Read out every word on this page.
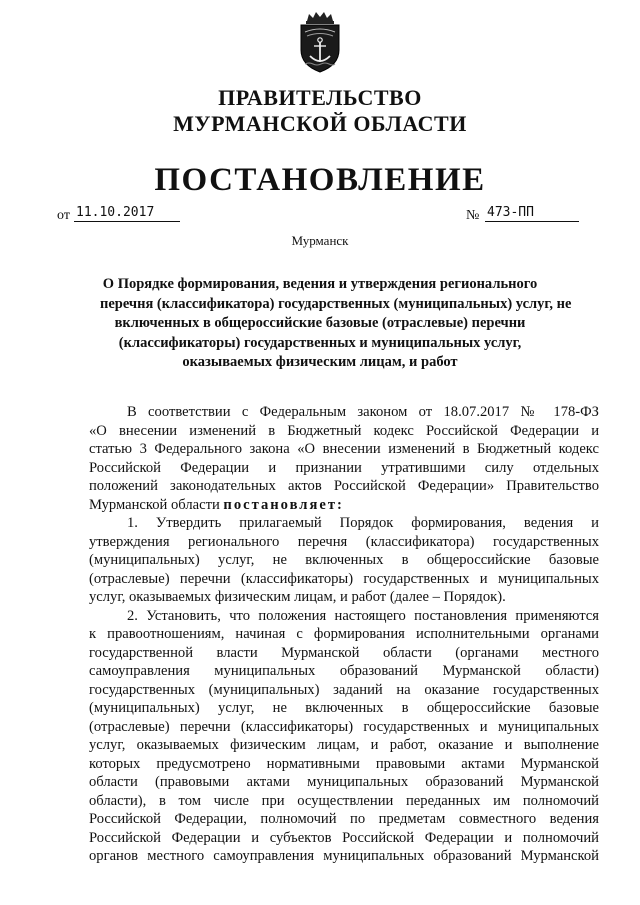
ПРАВИТЕЛЬСТВО
МУРМАНСКОЙ ОБЛАСТИ
ПОСТАНОВЛЕНИЕ
от 11.10.2017	№ 473-ПП
Мурманск
О Порядке формирования, ведения и утверждения регионального
перечня (классификатора) государственных (муниципальных) услуг, не
включенных в общероссийские базовые (отраслевые) перечни
(классификаторы) государственных и муниципальных услуг,
оказываемых физическим лицам, и работ
В соответствии с Федеральным законом от 18.07.2017 № 178-ФЗ
«О внесении изменений в Бюджетный кодекс Российской Федерации и
статью 3 Федерального закона «О внесении изменений в Бюджетный кодекс
Российской Федерации и признании утратившими силу отдельных
положений законодательных актов Российской Федерации» Правительство
Мурманской области постановляет:
1. Утвердить прилагаемый Порядок формирования, ведения и
утверждения регионального перечня (классификатора) государственных
(муниципальных) услуг, не включенных в общероссийские базовые
(отраслевые) перечни (классификаторы) государственных и муниципальных
услуг, оказываемых физическим лицам, и работ (далее – Порядок).
2. Установить, что положения настоящего постановления применяются
к правоотношениям, начиная с формирования исполнительными органами
государственной власти Мурманской области (органами местного
самоуправления муниципальных образований Мурманской области)
государственных (муниципальных) заданий на оказание государственных
(муниципальных) услуг, не включенных в общероссийские базовые
(отраслевые) перечни (классификаторы) государственных и муниципальных
услуг, оказываемых физическим лицам, и работ, оказание и выполнение
которых предусмотрено нормативными правовыми актами Мурманской
области (правовыми актами муниципальных образований Мурманской
области), в том числе при осуществлении переданных им полномочий
Российской Федерации, полномочий по предметам совместного ведения
Российской Федерации и субъектов Российской Федерации и полномочий
органов местного самоуправления муниципальных образований Мурманской
